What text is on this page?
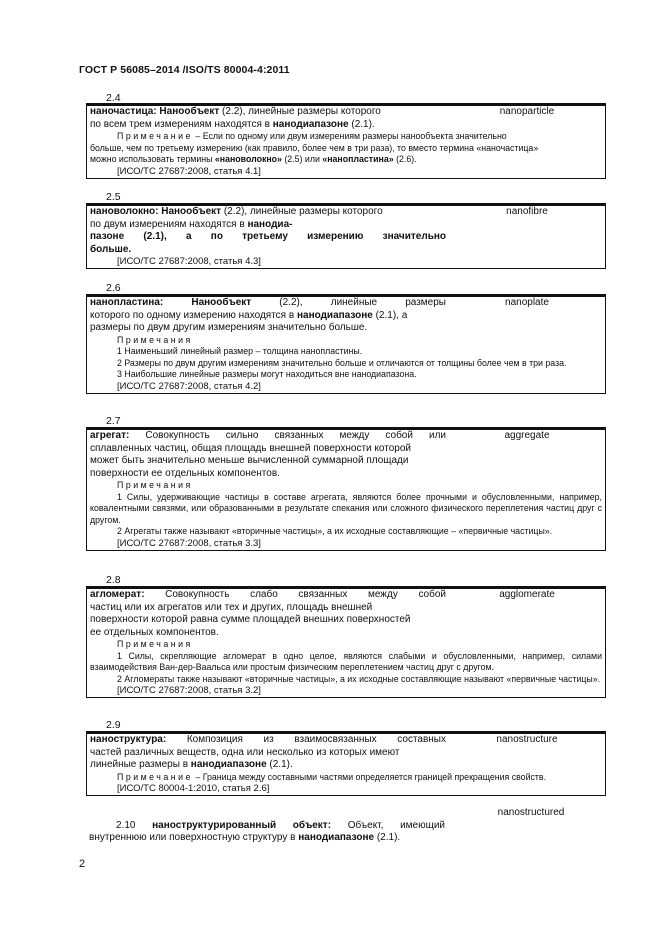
ГОСТ Р 56085–2014 /ISO/TS 80004-4:2011
2.4
наночастица: Нанообъект (2.2), линейные размеры которого
по всем трем измерениям находятся в нанодиапазоне (2.1).
nanoparticle
Примечание – Если по одному или двум измерениям размеры нанообъекта значительно
больше, чем по третьему измерению (как правило, более чем в три раза), то вместо термина «наночастица»
можно использовать термины «нановолокно» (2.5) или «нанопластина» (2.6).
[ИСО/ТС 27687:2008, статья 4.1]
2.5
нановолокно: Нанообъект (2.2), линейные размеры которого
по двум измерениям находятся в нанодиа-
пазоне (2.1), а по третьему измерению значительно
больше.
nanofibre
[ИСО/ТС 27687:2008, статья 4.3]
2.6
нанопластина: Нанообъект (2.2), линейные размеры
которого по одному измерению находятся в нанодиапазоне (2.1), а
размеры по двум другим измерениям значительно больше.
nanoplate
Примечания
1 Наименьший линейный размер – толщина нанопластины.
2 Размеры по двум другим измерениям значительно больше и отличаются от толщины более чем в три раза.
3 Наибольшие линейные размеры могут находиться вне нанодиапазона.
[ИСО/ТС 27687:2008, статья 4.2]
2.7
агрегат: Совокупность сильно связанных между собой или
сплавленных частиц, общая площадь внешней поверхности которой
может быть значительно меньше вычисленной суммарной площади
поверхности ее отдельных компонентов.
aggregate
Примечания
1 Силы, удерживающие частицы в составе агрегата, являются более прочными и обусловленными, например, ковалентными связями, или образованными в результате спекания или сложного физического переплетения частиц друг с другом.
2 Агрегаты также называют «вторичные частицы», а их исходные составляющие – «первичные частицы».
[ИСО/ТС 27687:2008, статья 3.3]
2.8
агломерат: Совокупность слабо связанных между собой
частиц или их агрегатов или тех и других, площадь внешней
поверхности которой равна сумме площадей внешних поверхностей
ее отдельных компонентов.
agglomerate
Примечания
1 Силы, скрепляющие агломерат в одно целое, являются слабыми и обусловленными, например, силами взаимодействия Ван-дер-Ваальса или простым физическим переплетением частиц друг с другом.
2 Агломераты также называют «вторичные частицы», а их исходные составляющие называют «первичные частицы».
[ИСО/ТС 27687:2008, статья 3.2]
2.9
наноструктура: Композиция из взаимосвязанных составных
частей различных веществ, одна или несколько из которых имеют
линейные размеры в нанодиапазоне (2.1).
nanostructure
Примечание – Граница между составными частями определяется границей прекращения свойств.
[ИСО/ТС 80004-1:2010, статья 2.6]
nanostructured
2.10 наноструктурированный объект: Объект, имеющий
внутреннюю или поверхностную структуру в нанодиапазоне (2.1).
2
